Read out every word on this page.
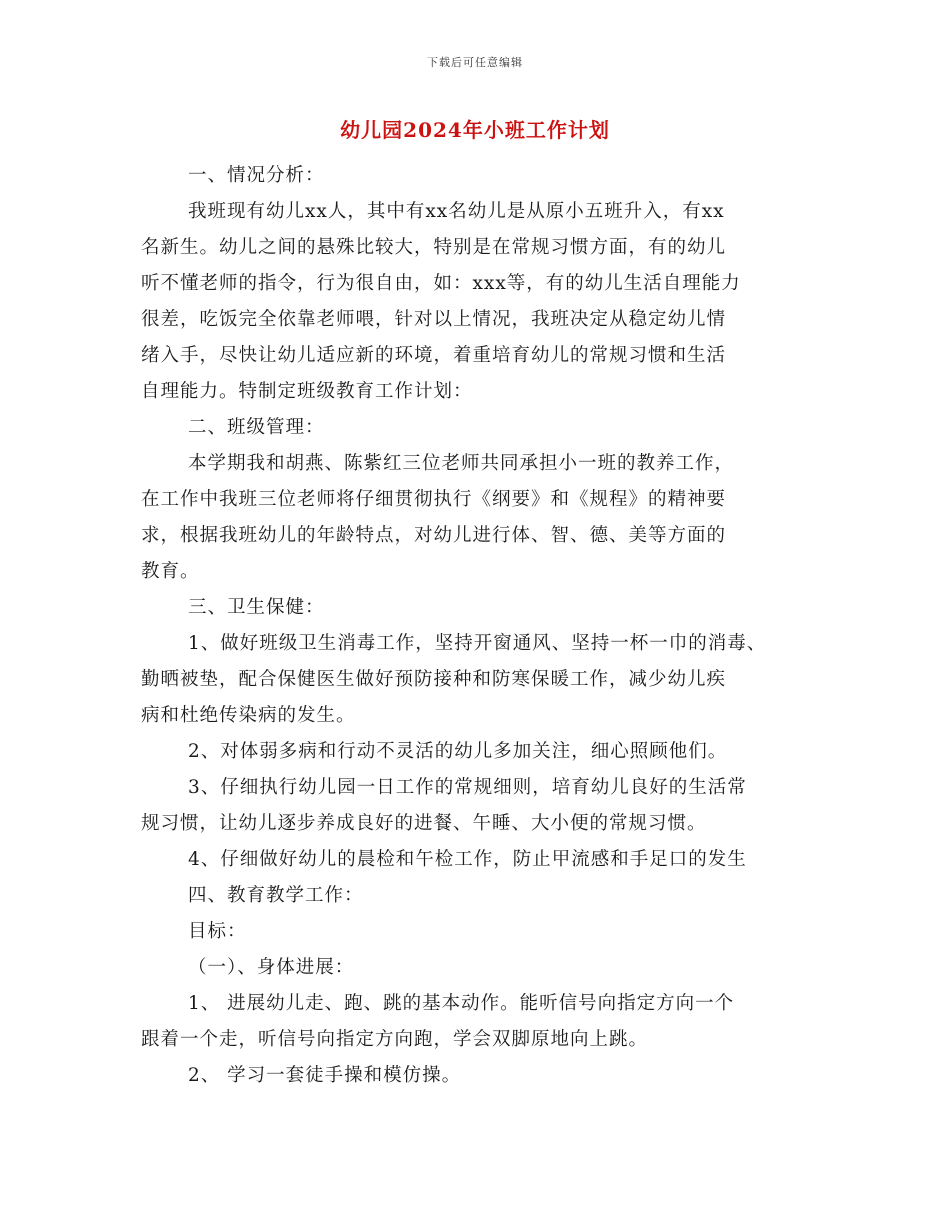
下载后可任意编辑
幼儿园2024年小班工作计划
一、情况分析：
我班现有幼儿xx人，其中有xx名幼儿是从原小五班升入，有xx
名新生。幼儿之间的悬殊比较大，特别是在常规习惯方面，有的幼儿
听不懂老师的指令，行为很自由，如：xxx等，有的幼儿生活自理能力
很差，吃饭完全依靠老师喂，针对以上情况，我班决定从稳定幼儿情
绪入手，尽快让幼儿适应新的环境，着重培育幼儿的常规习惯和生活
自理能力。特制定班级教育工作计划：
二、班级管理：
本学期我和胡燕、陈紫红三位老师共同承担小一班的教养工作，
在工作中我班三位老师将仔细贯彻执行《纲要》和《规程》的精神要
求，根据我班幼儿的年龄特点，对幼儿进行体、智、德、美等方面的
教育。
三、卫生保健：
1、做好班级卫生消毒工作，坚持开窗通风、坚持一杯一巾的消毒、
勤晒被垫，配合保健医生做好预防接种和防寒保暖工作，减少幼儿疾
病和杜绝传染病的发生。
2、对体弱多病和行动不灵活的幼儿多加关注，细心照顾他们。
3、仔细执行幼儿园一日工作的常规细则，培育幼儿良好的生活常
规习惯，让幼儿逐步养成良好的进餐、午睡、大小便的常规习惯。
4、仔细做好幼儿的晨检和午检工作，防止甲流感和手足口的发生
四、教育教学工作：
目标：
（一）、身体进展：
1、 进展幼儿走、跑、跳的基本动作。能听信号向指定方向一个
跟着一个走，听信号向指定方向跑，学会双脚原地向上跳。
2、 学习一套徒手操和模仿操。
